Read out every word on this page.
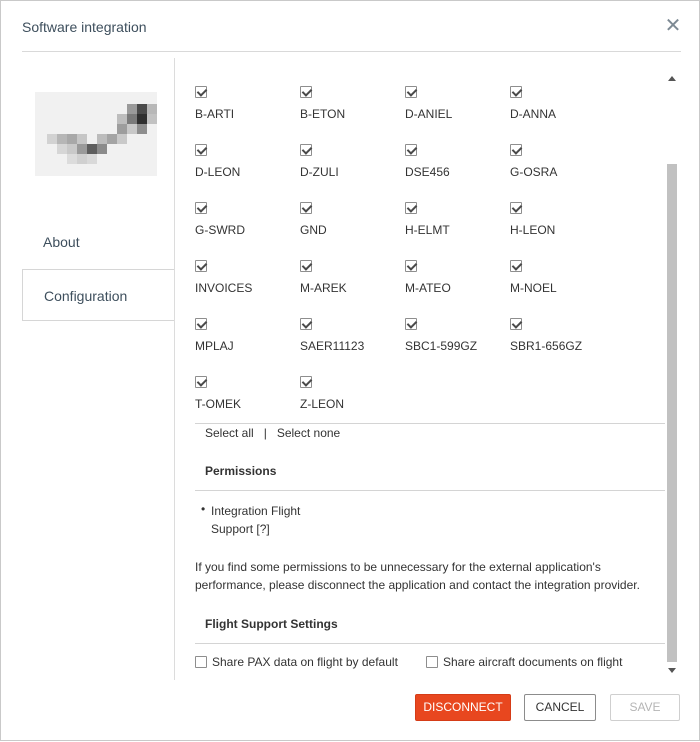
Software integration	✕
About
Configuration
B-ARTI	B-ETON	D-ANIEL	D-ANNA
D-LEON	D-ZULI	DSE456	G-OSRA
G-SWRD	GND	H-ELMT	H-LEON
INVOICES	M-AREK	M-ATEO	M-NOEL
MPLAJ	SAER11123	SBC1-599GZ	SBR1-656GZ
T-OMEK	Z-LEON
Select all | Select none
Permissions
• Integration Flight Support [?]
If you find some permissions to be unnecessary for the external application's performance, please disconnect the application and contact the integration provider.
Flight Support Settings
Share PAX data on flight by default	Share aircraft documents on flight
DISCONNECT	CANCEL	SAVE
